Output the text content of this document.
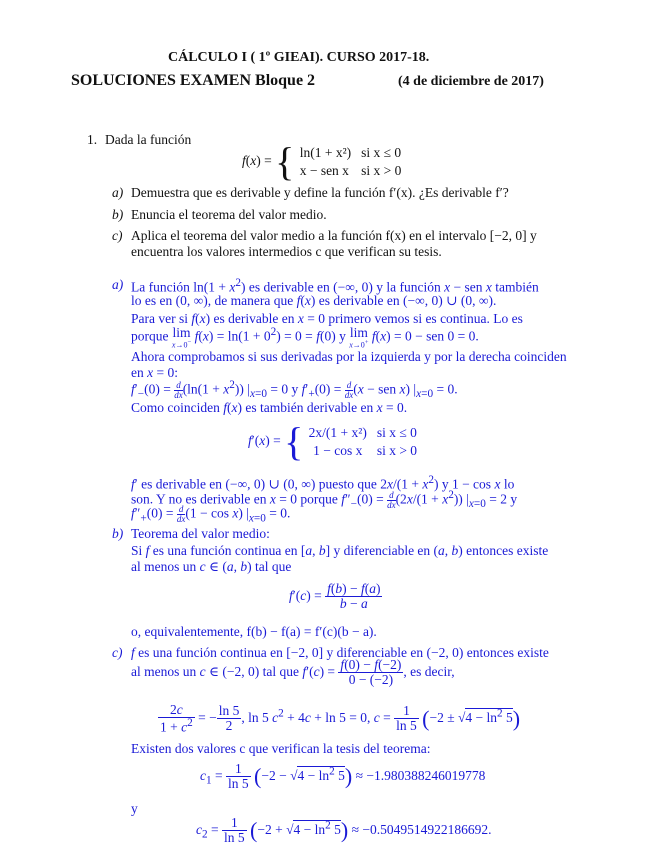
CÁLCULO I ( 1º GIEAI). CURSO 2017-18.
SOLUCIONES EXAMEN Bloque 2	(4 de diciembre de 2017)
1. Dada la función
f(x) = { ln(1 + x²)	si x ≤ 0
x − sen x	si x > 0
a) Demuestra que es derivable y define la función f′(x). ¿Es derivable f′?
b) Enuncia el teorema del valor medio.
c) Aplica el teorema del valor medio a la función f(x) en el intervalo [−2, 0] y
encuentra los valores intermedios c que verifican su tesis.
a) La función $\ln(1 + x^2)$ es derivable en (−∞, 0) y la función x − sen x también
lo es en (0, ∞), de manera que f(x) es derivable en (−∞, 0) ∪ (0, ∞).
Para ver si f(x) es derivable en x = 0 primero vemos si es continua. Lo es
porque lim
x→0− $f(x) = \ln(1 + 0^2) = 0 = f(0)$ y lim
x→0+ f(x) = 0 − sen 0 = 0.
Ahora comprobamos si sus derivadas por la izquierda y por la derecha coinciden
en x = 0:
$f'_-(0) = \frac{d}{dx}(\ln(1 + x^2)) |_{x=0} = 0$ y $f'_+(0) = \frac{d}{dx}(x$ − sen x) $|_{x=0} = 0$.
Como coinciden f(x) es también derivable en x = 0.
f′(x) = { 2x/(1 + x²)	si x ≤ 0
1 − cos x	si x > 0
f′ es derivable en (−∞, 0) ∪ (0, ∞) puesto que $2x/(1 + x^2)$ y 1 − cos x lo
son. Y no es derivable en x = 0 porque $f''_-(0) = \frac{d}{dx}(2x/(1 + x^2)) |_{x=0} = 2$ y
$f''_+(0) = \frac{d}{dx}(1 - \cos x) |_{x=0} = 0$.
b) Teorema del valor medio:
Si f es una función continua en [a, b] y diferenciable en (a, b) entonces existe
al menos un c ∈ (a, b) tal que
$f'(c) = \frac{f(b) - f(a)}{b - a}$
o, equivalentemente, f(b) − f(a) = f′(c)(b − a).
c) f es una función continua en [−2, 0] y diferenciable en (−2, 0) entonces existe
al menos un c ∈ (−2, 0) tal que $f'(c) = \frac{f(0) - f(-2)}{0 - (-2)}$ , es decir,
$\frac{2c}{1 + c^2}$ = − $\frac{\ln 5}{2}$ , ln 5 $c^2 + 4c + \ln 5 = 0$, $c = \frac{1}{\ln 5} (-2 \pm √4 - \ln^2 5)$
Existen dos valores c que verifican la tesis del teorema:
$c_1 = \frac{1}{\ln 5} (-2 - √4 - \ln^2 5) \approx -1.980388246019778$
y
$c_2 = \frac{1}{\ln 5} (-2 + √4 - \ln^2 5) \approx -0.5049514922186692$.
